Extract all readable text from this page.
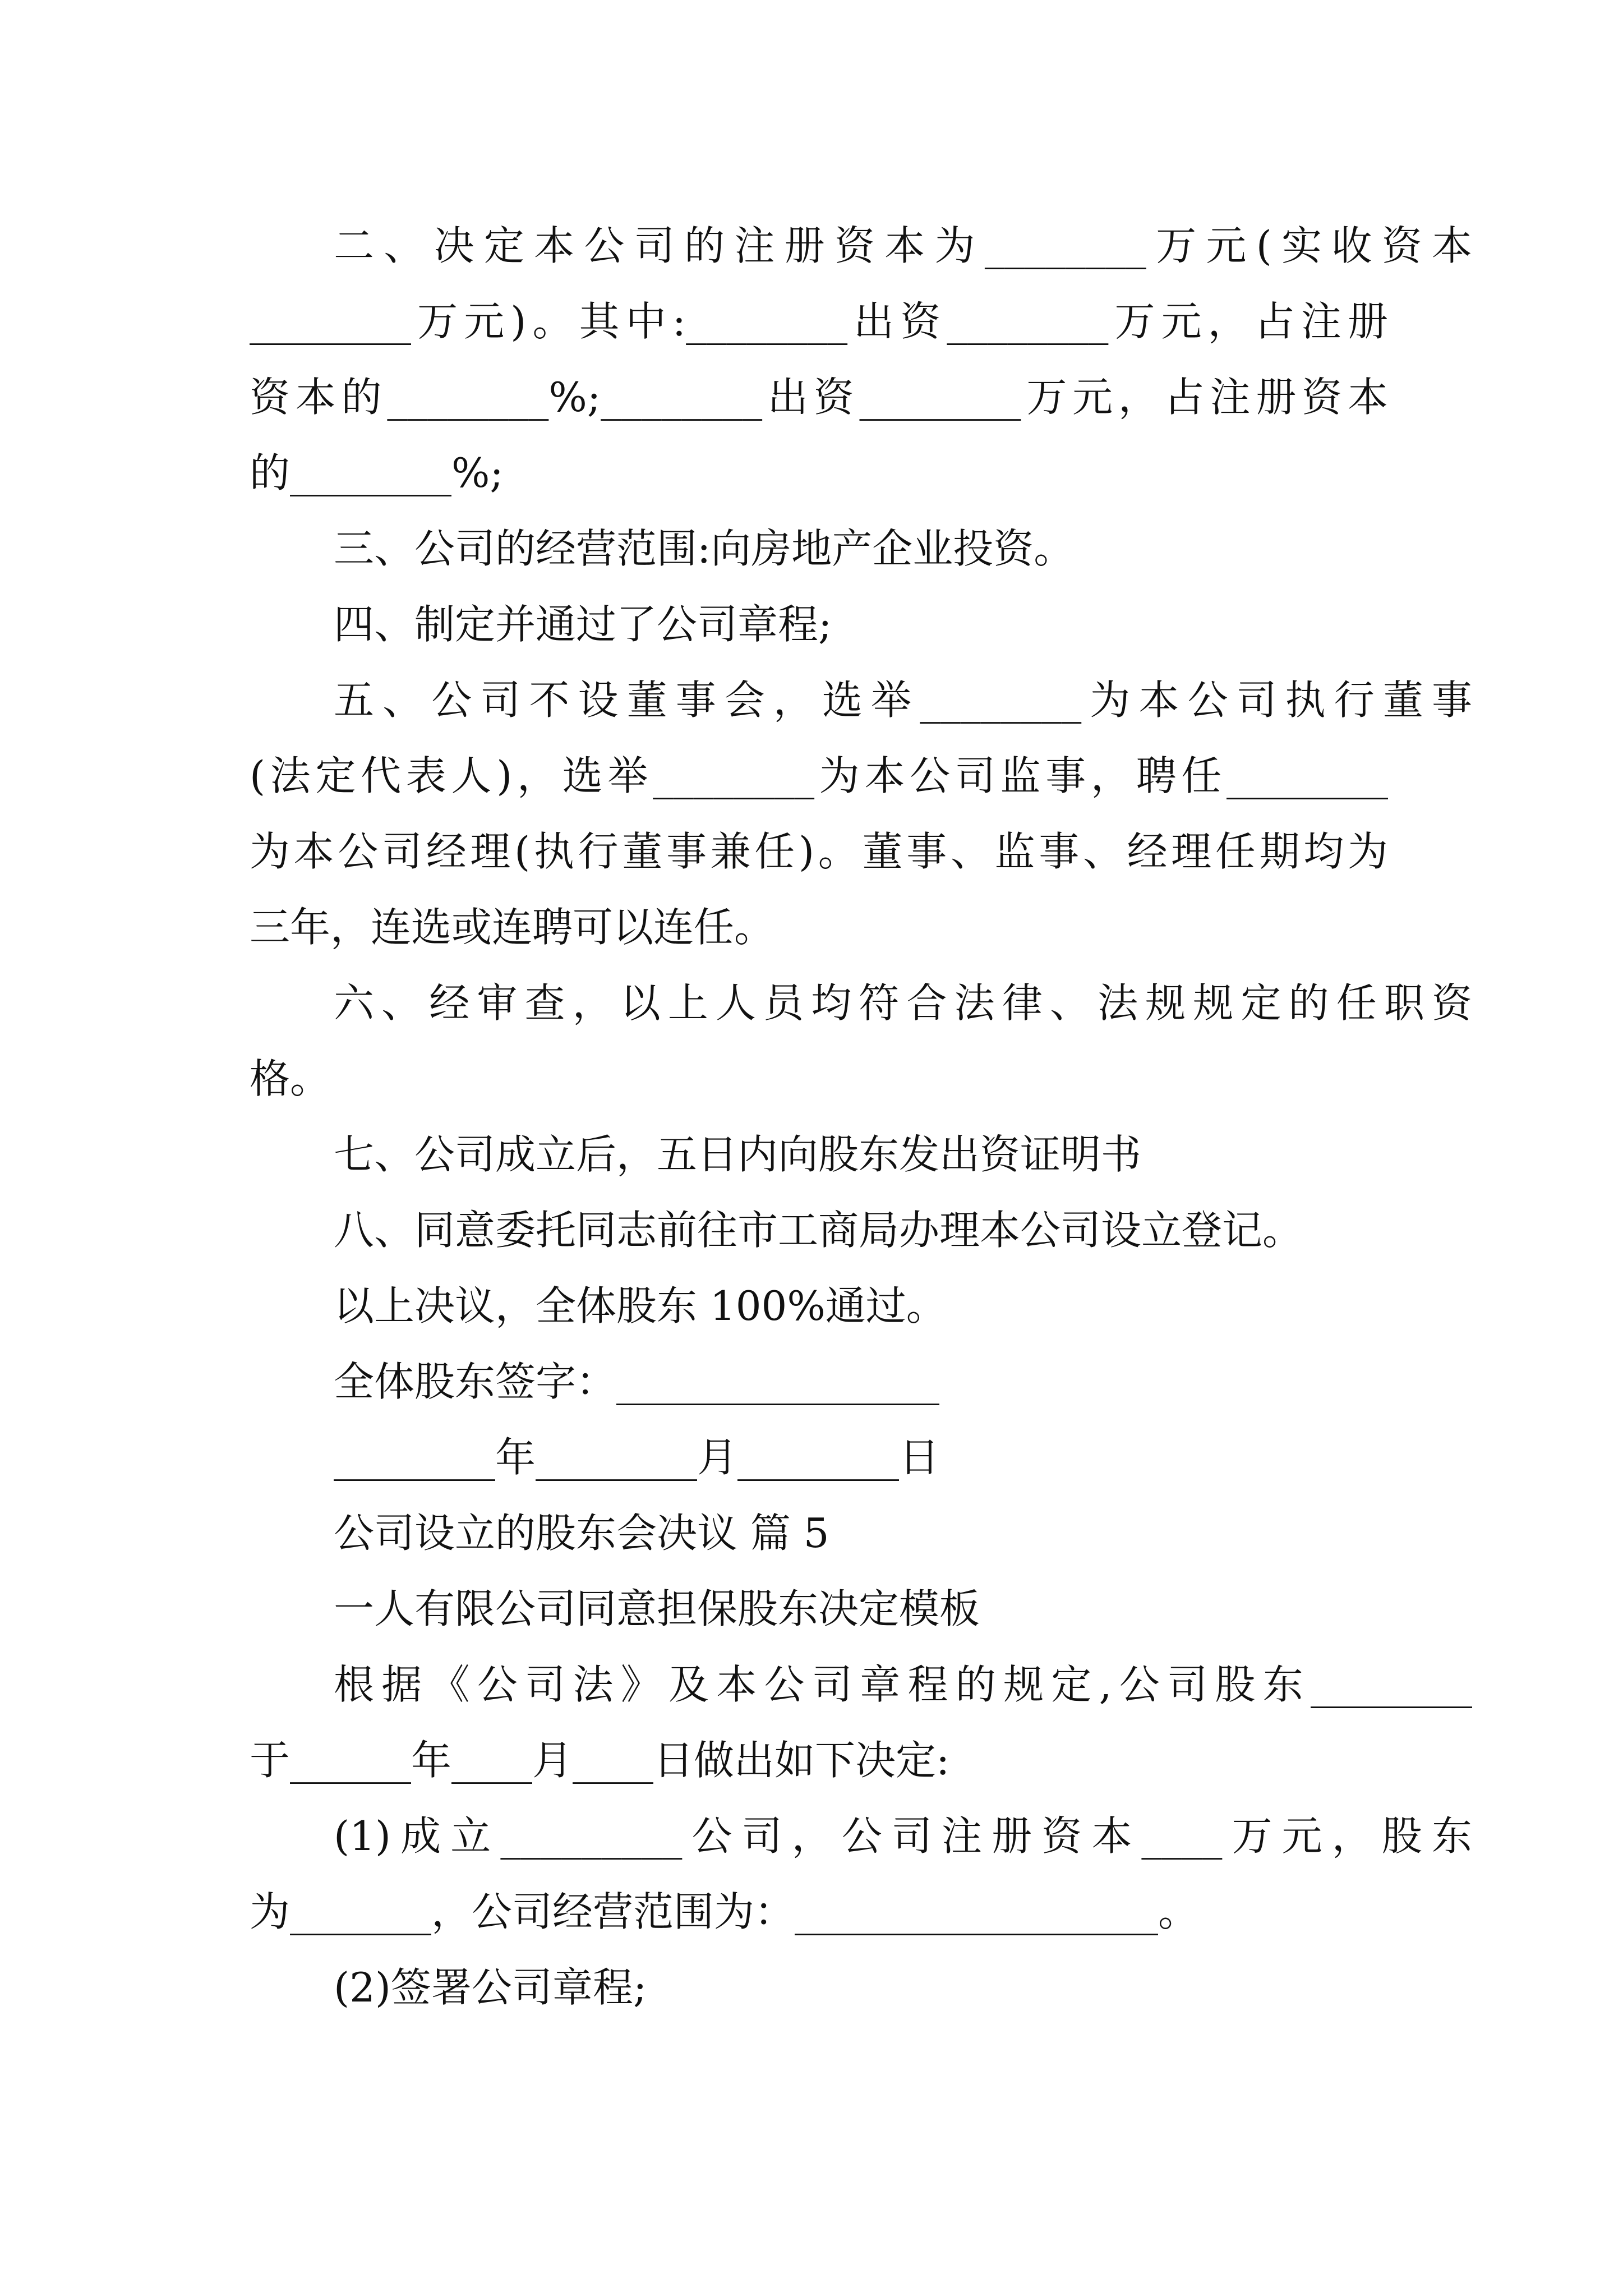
二、决定本公司的注册资本为________万元(实收资本

________万元)。其中:________出资________万元，占注册

资本的________%;________出资________万元，占注册资本

的________%;

三、公司的经营范围:向房地产企业投资。

四、制定并通过了公司章程;

五、公司不设董事会，选举________为本公司执行董事

(法定代表人)，选举________为本公司监事，聘任________

为本公司经理(执行董事兼任)。董事、监事、经理任期均为

三年，连选或连聘可以连任。

六、经审查，以上人员均符合法律、法规规定的任职资

格。

七、公司成立后，五日内向股东发出资证明书

八、同意委托同志前往市工商局办理本公司设立登记。

以上决议，全体股东 100%通过。

全体股东签字：________________

________年________月________日

公司设立的股东会决议 篇 5

一人有限公司同意担保股东决定模板

根据《公司法》及本公司章程的规定,公司股东________

于______年____月____日做出如下决定:

(1)成立_________公司，公司注册资本____万元，股东

为_______，公司经营范围为：__________________。

(2)签署公司章程;
